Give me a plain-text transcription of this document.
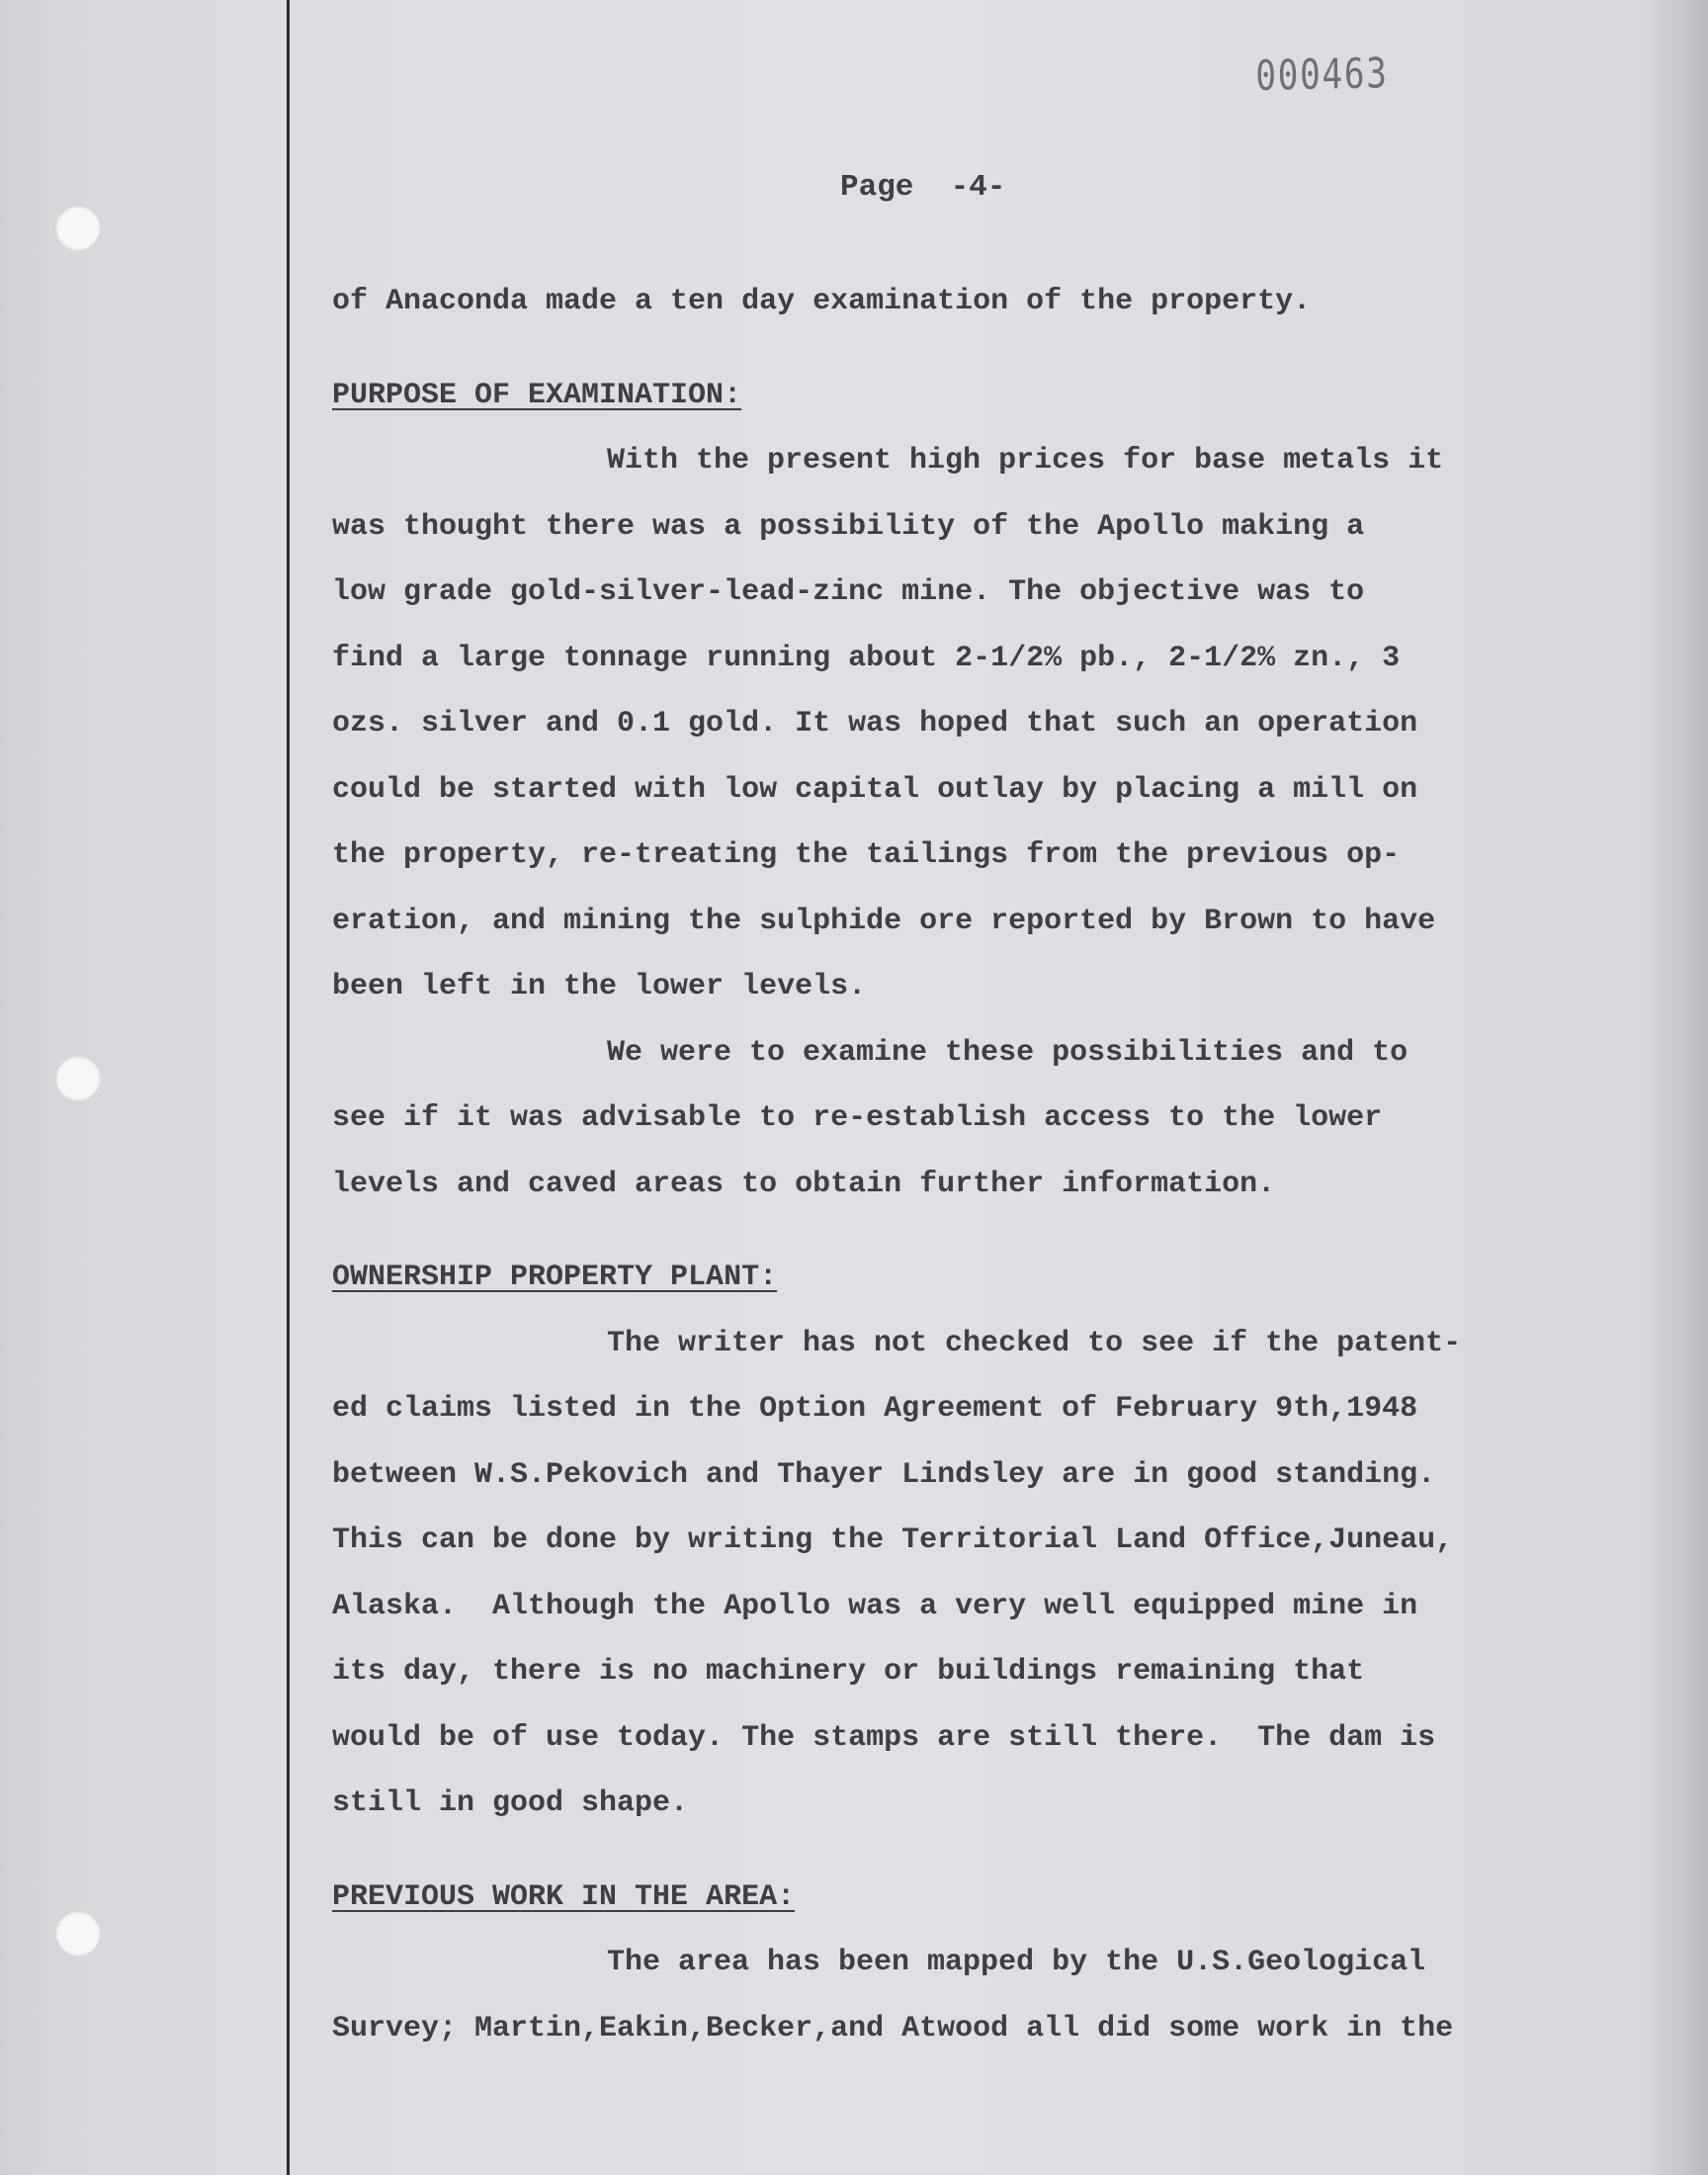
000463
Page  -4-
of Anaconda made a ten day examination of the property.
PURPOSE OF EXAMINATION:
With the present high prices for base metals it
was thought there was a possibility of the Apollo making a
low grade gold-silver-lead-zinc mine. The objective was to
find a large tonnage running about 2-1/2% pb., 2-1/2% zn., 3
ozs. silver and 0.1 gold. It was hoped that such an operation
could be started with low capital outlay by placing a mill on
the property, re-treating the tailings from the previous op-
eration, and mining the sulphide ore reported by Brown to have
been left in the lower levels.
We were to examine these possibilities and to
see if it was advisable to re-establish access to the lower
levels and caved areas to obtain further information.
OWNERSHIP PROPERTY PLANT:
The writer has not checked to see if the patent-
ed claims listed in the Option Agreement of February 9th,1948
between W.S.Pekovich and Thayer Lindsley are in good standing.
This can be done by writing the Territorial Land Office,Juneau,
Alaska.  Although the Apollo was a very well equipped mine in
its day, there is no machinery or buildings remaining that
would be of use today. The stamps are still there.  The dam is
still in good shape.
PREVIOUS WORK IN THE AREA:
The area has been mapped by the U.S.Geological
Survey; Martin,Eakin,Becker,and Atwood all did some work in the
